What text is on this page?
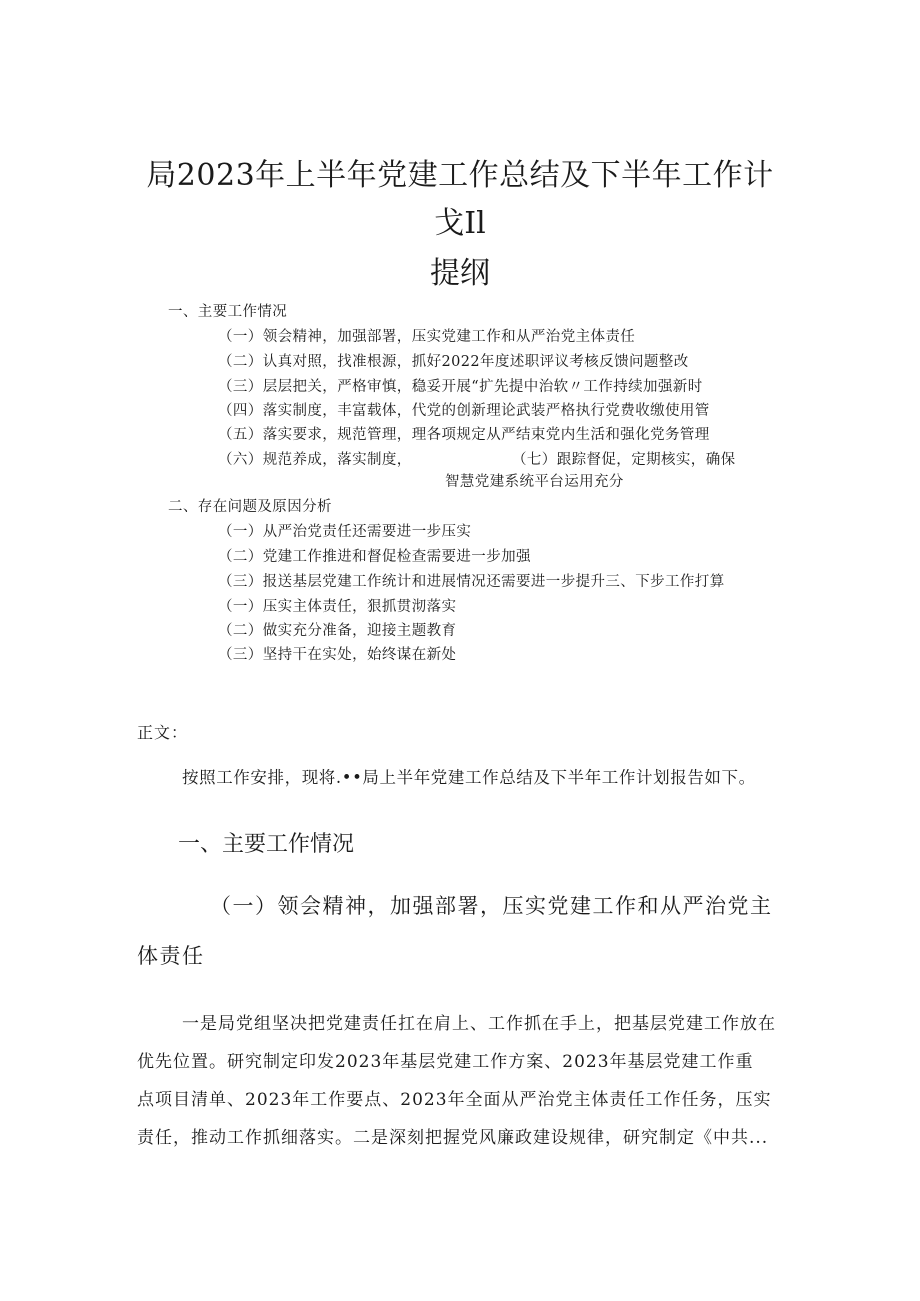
局2023年上半年党建工作总结及下半年工作计
戈Il
提纲
一、主要工作情况
（一）领会精神，加强部署，压实党建工作和从严治党主体责任
（二）认真对照，找准根源，抓好2022年度述职评议考核反馈问题整改
（三）层层把关，严格审慎，稳妥开展“扩先提中治软〃工作持续加强新时
（四）落实制度，丰富载体，代党的创新理论武装严格执行党费收缴使用管
（五）落实要求，规范管理，理各项规定从严结束党内生活和强化党务管理
（六）规范养成，落实制度，	（七）跟踪督促，定期核实，确保
智慧党建系统平台运用充分
二、存在问题及原因分析
（一）从严治党责任还需要进一步压实
（二）党建工作推进和督促检查需要进一步加强
（三）报送基层党建工作统计和进展情况还需要进一步提升三、下步工作打算
（一）压实主体责任，狠抓贯沏落实
（二）做实充分准备，迎接主题教育
（三）坚持干在实处，始终谋在新处
正文：
按照工作安排，现将.••局上半年党建工作总结及下半年工作计划报告如下。
一、主要工作情况
（一）领会精神，加强部署，压实党建工作和从严治党主
体责任
一是局党组坚决把党建责任扛在肩上、工作抓在手上，把基层党建工作放在
优先位置。研究制定印发2023年基层党建工作方案、2023年基层党建工作重
点项目清单、2023年工作要点、2023年全面从严治党主体责任工作任务，压实
责任，推动工作抓细落实。二是深刻把握党风廉政建设规律，研究制定《中共...
